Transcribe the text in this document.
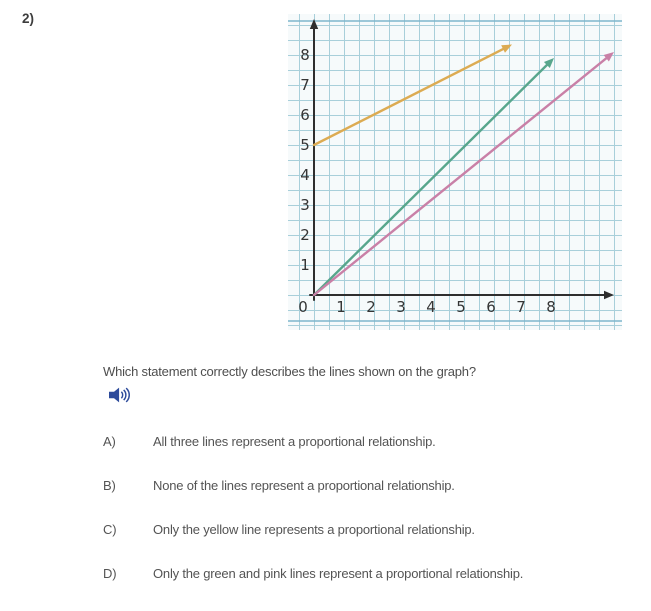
2)
0 1 2 3 4 5 6 7 8
1
2
3
4
5
6
7
8
Which statement correctly describes the lines shown on the graph?
A)	All three lines represent a proportional relationship.
B)	None of the lines represent a proportional relationship.
C)	Only the yellow line represents a proportional relationship.
D)	Only the green and pink lines represent a proportional relationship.
